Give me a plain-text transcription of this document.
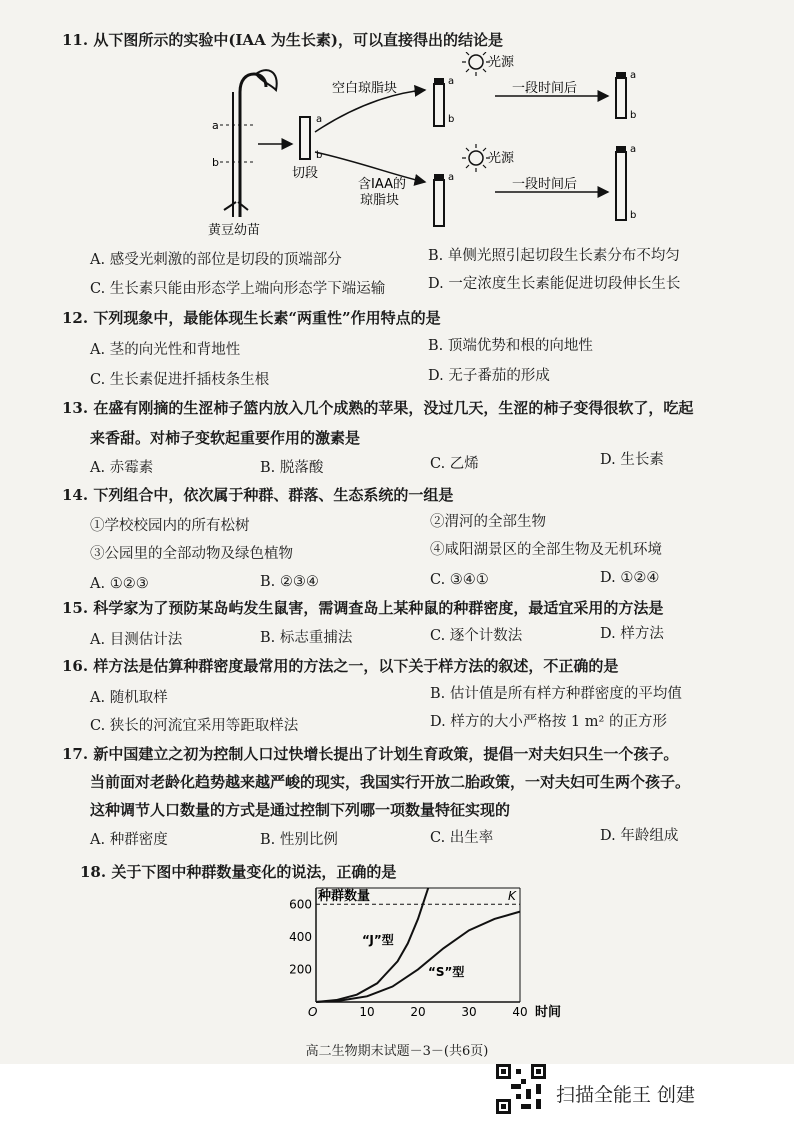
11. 从下图所示的实验中(IAA 为生长素)，可以直接得出的结论是
a
b
黄豆幼苗
a
b
切段
空白琼脂块
含IAA的
琼脂块
a
b
光源
一段时间后
a
b
a
光源
一段时间后
a
b
A. 感受光刺激的部位是切段的顶端部分	B. 单侧光照引起切段生长素分布不均匀
C. 生长素只能由形态学上端向形态学下端运输	D. 一定浓度生长素能促进切段伸长生长
12. 下列现象中，最能体现生长素“两重性”作用特点的是
A. 茎的向光性和背地性	B. 顶端优势和根的向地性
C. 生长素促进扦插枝条生根	D. 无子番茄的形成
13. 在盛有刚摘的生涩柿子篮内放入几个成熟的苹果，没过几天，生涩的柿子变得很软了，吃起
来香甜。对柿子变软起重要作用的激素是
A. 赤霉素	B. 脱落酸	C. 乙烯	D. 生长素
14. 下列组合中，依次属于种群、群落、生态系统的一组是
①学校校园内的所有松树	②渭河的全部生物
③公园里的全部动物及绿色植物	④咸阳湖景区的全部生物及无机环境
A. ①②③	B. ②③④	C. ③④①	D. ①②④
15. 科学家为了预防某岛屿发生鼠害，需调查岛上某种鼠的种群密度，最适宜采用的方法是
A. 目测估计法	B. 标志重捕法	C. 逐个计数法	D. 样方法
16. 样方法是估算种群密度最常用的方法之一，以下关于样方法的叙述，不正确的是
A. 随机取样	B. 估计值是所有样方种群密度的平均值
C. 狭长的河流宜采用等距取样法	D. 样方的大小严格按 1 m² 的正方形
17. 新中国建立之初为控制人口过快增长提出了计划生育政策，提倡一对夫妇只生一个孩子。
当前面对老龄化趋势越来越严峻的现实，我国实行开放二胎政策，一对夫妇可生两个孩子。
这种调节人口数量的方式是通过控制下列哪一项数量特征实现的
A. 种群密度	B. 性别比例	C. 出生率	D. 年龄组成
18. 关于下图中种群数量变化的说法，正确的是
种群数量
时间
O
K
10	20	30	40
200
400
600
“J”型
“S”型
高二生物期末试题－3－(共6页)
扫描全能王 创建
